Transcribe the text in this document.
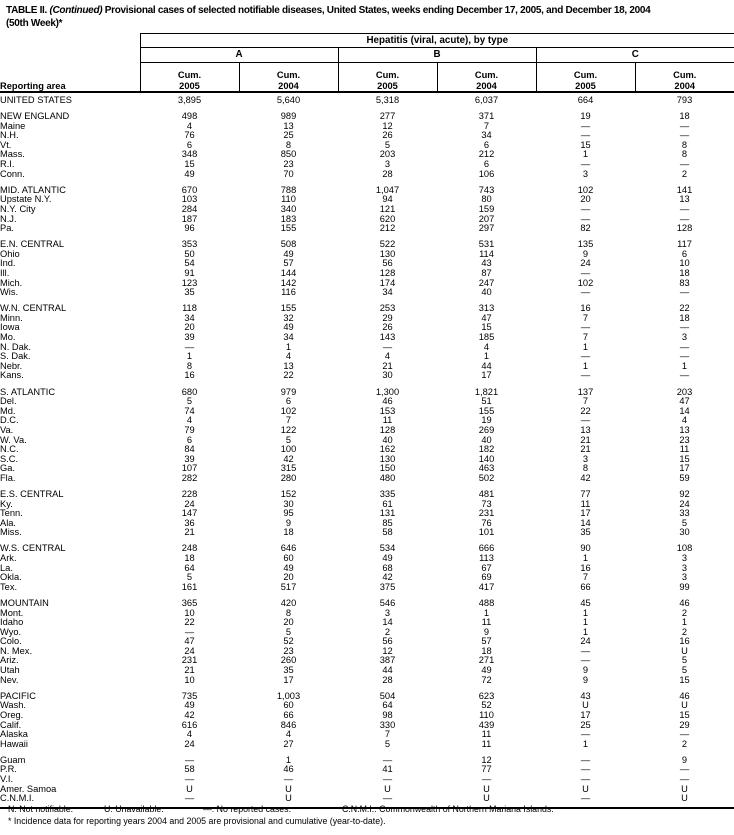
TABLE II. (Continued) Provisional cases of selected notifiable diseases, United States, weeks ending December 17, 2005, and December 18, 2004
(50th Week)*
	Hepatitis (viral, acute), by type					
	A		B		C	
Reporting area	
Cum.
2005

Cum.
2004

Cum.
2005

Cum.
2004

Cum.
2005

Cum.
2004

UNITED STATES	3,895	5,640	5,318	6,037	664	793
NEW ENGLAND	498	989	277	371	19	18
Maine	4	13	12	7	—	—
N.H.	76	25	26	34	—	—
Vt.	6	8	5	6	15	8
Mass.	348	850	203	212	1	8
R.I.	15	23	3	6	—	—
Conn.	49	70	28	106	3	2
MID. ATLANTIC	670	788	1,047	743	102	141
Upstate N.Y.	103	110	94	80	20	13
N.Y. City	284	340	121	159	—	—
N.J.	187	183	620	207	—	—
Pa.	96	155	212	297	82	128
E.N. CENTRAL	353	508	522	531	135	117
Ohio	50	49	130	114	9	6
Ind.	54	57	56	43	24	10
Ill.	91	144	128	87	—	18
Mich.	123	142	174	247	102	83
Wis.	35	116	34	40	—	—
W.N. CENTRAL	118	155	253	313	16	22
Minn.	34	32	29	47	7	18
Iowa	20	49	26	15	—	—
Mo.	39	34	143	185	7	3
N. Dak.	—	1	—	4	1	—
S. Dak.	1	4	4	1	—	—
Nebr.	8	13	21	44	1	1
Kans.	16	22	30	17	—	—
S. ATLANTIC	680	979	1,300	1,821	137	203
Del.	5	6	46	51	7	47
Md.	74	102	153	155	22	14
D.C.	4	7	11	19	—	4
Va.	79	122	128	269	13	13
W. Va.	6	5	40	40	21	23
N.C.	84	100	162	182	21	11
S.C.	39	42	130	140	3	15
Ga.	107	315	150	463	8	17
Fla.	282	280	480	502	42	59
E.S. CENTRAL	228	152	335	481	77	92
Ky.	24	30	61	73	11	24
Tenn.	147	95	131	231	17	33
Ala.	36	9	85	76	14	5
Miss.	21	18	58	101	35	30
W.S. CENTRAL	248	646	534	666	90	108
Ark.	18	60	49	113	1	3
La.	64	49	68	67	16	3
Okla.	5	20	42	69	7	3
Tex.	161	517	375	417	66	99
MOUNTAIN	365	420	546	488	45	46
Mont.	10	8	3	1	1	2
Idaho	22	20	14	11	1	1
Wyo.	—	5	2	9	1	2
Colo.	47	52	56	57	24	16
N. Mex.	24	23	12	18	—	U
Ariz.	231	260	387	271	—	5
Utah	21	35	44	49	9	5
Nev.	10	17	28	72	9	15
PACIFIC	735	1,003	504	623	43	46
Wash.	49	60	64	52	U	U
Oreg.	42	66	98	110	17	15
Calif.	616	846	330	439	25	29
Alaska	4	4	7	11	—	—
Hawaii	24	27	5	11	1	2
Guam	—	1	—	12	—	9
P.R.	58	46	41	77	—	—
V.I.	—	—	—	—	—	—
Amer. Samoa	U	U	U	U	U	U
C.N.M.I.	—	U	—	U	—	U
N: Not notifiable.	U: Unavailable.	—: No reported cases.	C.N.M.I.: Commonwealth of Northern Mariana Islands.
* Incidence data for reporting years 2004 and 2005 are provisional and cumulative (year-to-date).
